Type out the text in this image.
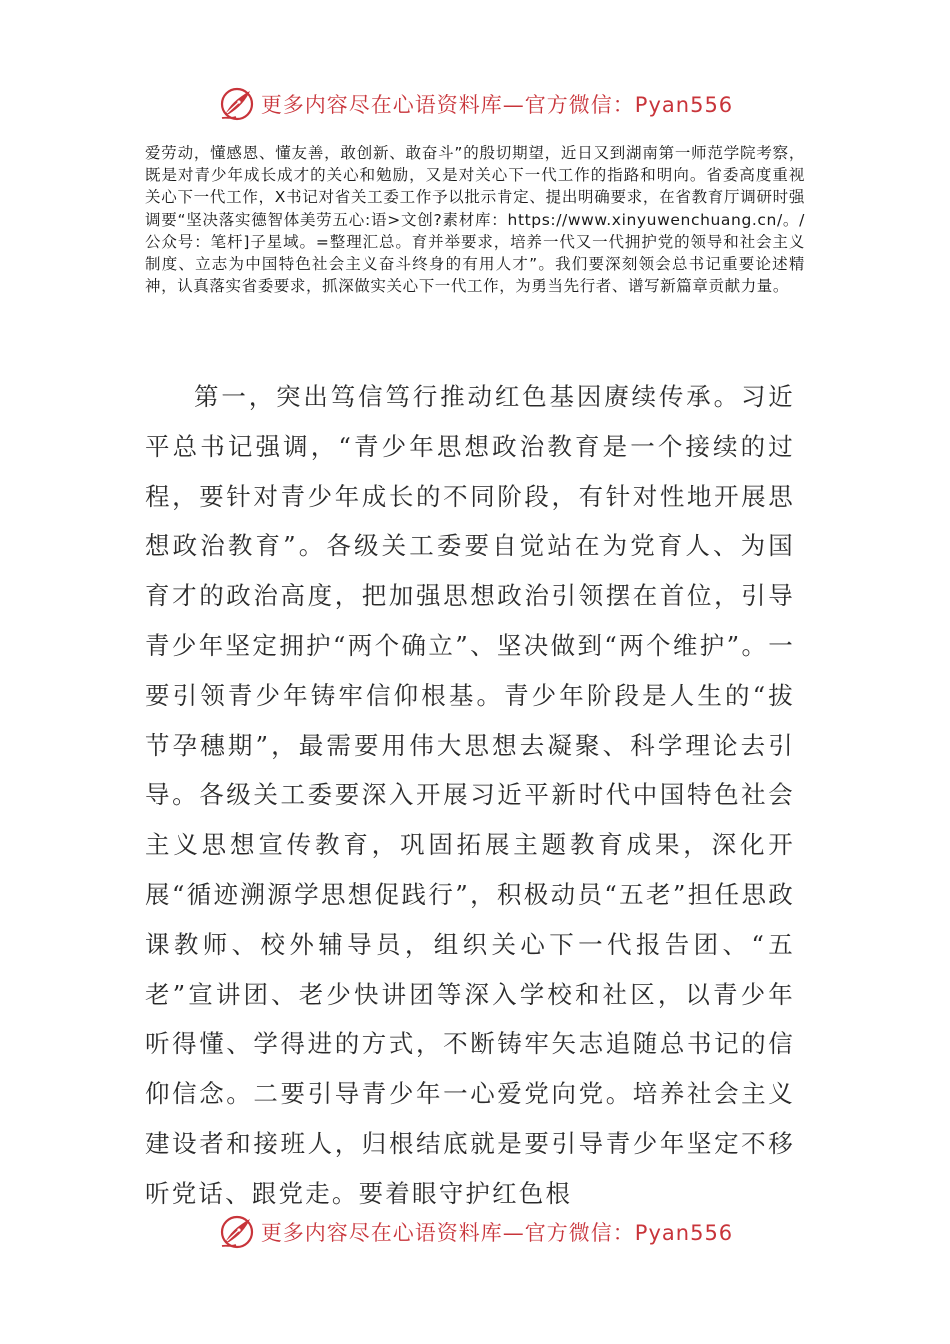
更多内容尽在心语资料库—官方微信：Pyan556

爱劳动，懂感恩、懂友善，敢创新、敢奋斗”的殷切期望，近日又到湖南第一师范学院考察，既是对青少年成长成才的关心和勉励，又是对关心下一代工作的指路和明向。省委高度重视关心下一代工作，X书记对省关工委工作予以批示肯定、提出明确要求，在省教育厅调研时强调要“坚决落实德智体美劳五心:语>文创?素材库：https://www.xinyuwenchuang.cn/。/公众号：笔杆]子星域。=整理汇总。育并举要求，培养一代又一代拥护党的领导和社会主义制度、立志为中国特色社会主义奋斗终身的有用人才”。我们要深刻领会总书记重要论述精神，认真落实省委要求，抓深做实关心下一代工作，为勇当先行者、谱写新篇章贡献力量。

第一，突出笃信笃行推动红色基因赓续传承。习近平总书记强调，“青少年思想政治教育是一个接续的过程，要针对青少年成长的不同阶段，有针对性地开展思想政治教育”。各级关工委要自觉站在为党育人、为国育才的政治高度，把加强思想政治引领摆在首位，引导青少年坚定拥护“两个确立”、坚决做到“两个维护”。一要引领青少年铸牢信仰根基。青少年阶段是人生的“拔节孕穗期”，最需要用伟大思想去凝聚、科学理论去引导。各级关工委要深入开展习近平新时代中国特色社会主义思想宣传教育，巩固拓展主题教育成果，深化开展“循迹溯源学思想促践行”，积极动员“五老”担任思政课教师、校外辅导员，组织关心下一代报告团、“五老”宣讲团、老少快讲团等深入学校和社区，以青少年听得懂、学得进的方式，不断铸牢矢志追随总书记的信仰信念。二要引导青少年一心爱党向党。培养社会主义建设者和接班人，归根结底就是要引导青少年坚定不移听党话、跟党走。要着眼守护红色根

更多内容尽在心语资料库—官方微信：Pyan556
